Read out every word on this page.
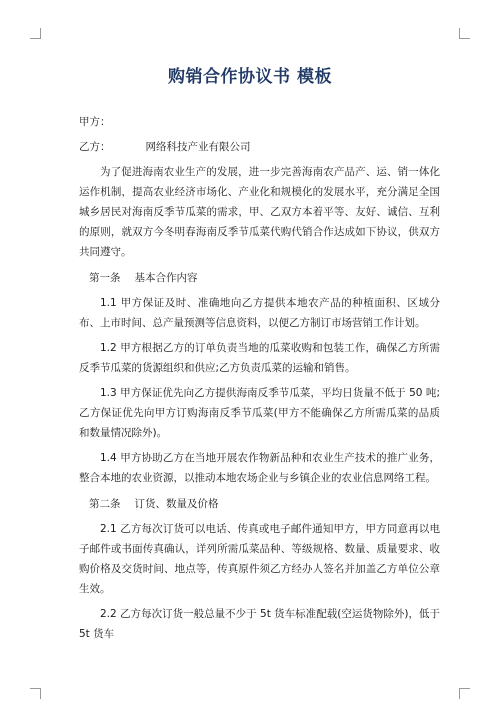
购销合作协议书 模板
甲方：
乙方：	网络科技产业有限公司
为了促进海南农业生产的发展，进一步完善海南农产品产、运、销一体化运作机制，提高农业经济市场化、产业化和规模化的发展水平，充分满足全国城乡居民对海南反季节瓜菜的需求，甲、乙双方本着平等、友好、诚信、互利的原则，就双方今冬明春海南反季节瓜菜代购代销合作达成如下协议，供双方共同遵守。
第一条 基本合作内容
1.1 甲方保证及时、准确地向乙方提供本地农产品的种植面积、区域分布、上市时间、总产量预测等信息资料，以便乙方制订市场营销工作计划。
1.2 甲方根据乙方的订单负责当地的瓜菜收购和包装工作，确保乙方所需反季节瓜菜的货源组织和供应;乙方负责瓜菜的运输和销售。
1.3 甲方保证优先向乙方提供海南反季节瓜菜，平均日货量不低于 50 吨;乙方保证优先向甲方订购海南反季节瓜菜(甲方不能确保乙方所需瓜菜的品质和数量情况除外)。
1.4 甲方协助乙方在当地开展农作物新品种和农业生产技术的推广业务，整合本地的农业资源，以推动本地农场企业与乡镇企业的农业信息网络工程。
第二条 订货、数量及价格
2.1 乙方每次订货可以电话、传真或电子邮件通知甲方，甲方同意再以电子邮件或书面传真确认，详列所需瓜菜品种、等级规格、数量、质量要求、收购价格及交货时间、地点等，传真原件须乙方经办人签名并加盖乙方单位公章生效。
2.2 乙方每次订货一般总量不少于 5t 货车标准配载(空运货物除外)，低于 5t 货车
